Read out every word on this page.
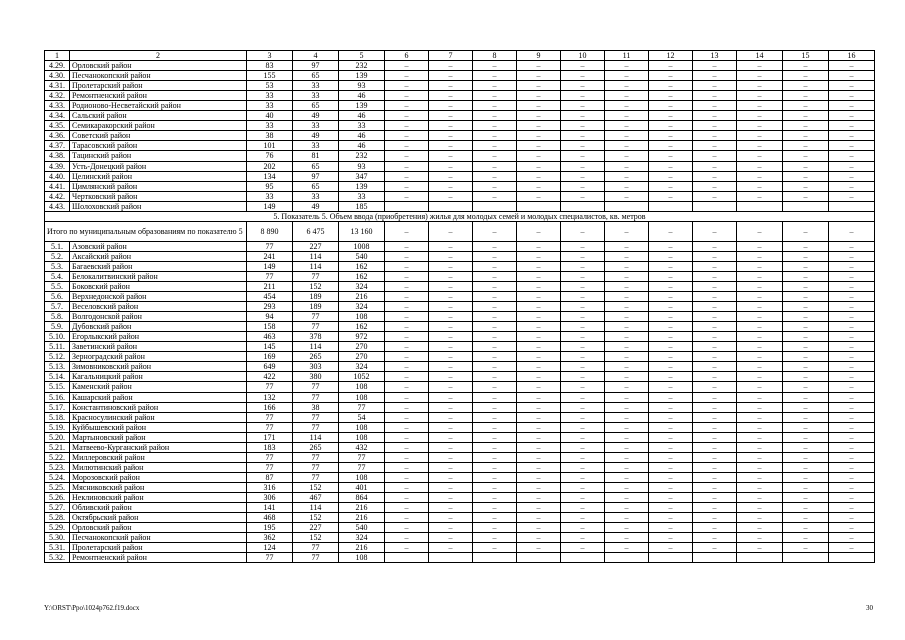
1	2	3	4	5	6	7	8	9	10	11	12	13	14	15	16
4.29.	Орловский район	83	97	232	–	–	–	–	–	–	–	–	–	–	–
4.30.	Песчанокопский район	155	65	139	–	–	–	–	–	–	–	–	–	–	–
4.31.	Пролетарский район	53	33	93	–	–	–	–	–	–	–	–	–	–	–
4.32.	Ремонтненский район	33	33	46	–	–	–	–	–	–	–	–	–	–	–
4.33.	Родионово-Несветайский район	33	65	139	–	–	–	–	–	–	–	–	–	–	–
4.34.	Сальский район	40	49	46	–	–	–	–	–	–	–	–	–	–	–
4.35.	Семикаракорский район	33	33	33	–	–	–	–	–	–	–	–	–	–	–
4.36.	Советский район	38	49	46	–	–	–	–	–	–	–	–	–	–	–
4.37.	Тарасовский район	101	33	46	–	–	–	–	–	–	–	–	–	–	–
4.38.	Тацинский район	76	81	232	–	–	–	–	–	–	–	–	–	–	–
4.39.	Усть-Донецкий район	202	65	93	–	–	–	–	–	–	–	–	–	–	–
4.40.	Целинский район	134	97	347	–	–	–	–	–	–	–	–	–	–	–
4.41.	Цимлянский район	95	65	139	–	–	–	–	–	–	–	–	–	–	–
4.42.	Чертковский район	33	33	33	–	–	–	–	–	–	–	–	–	–	–
4.43.	Шолоховский район	149	49	185											
5. Показатель 5. Объем ввода (приобретения) жилья для молодых семей и молодых специалистов, кв. метров															
Итого по муниципальным образованиям по показателю 5		8 890	6 475	13 160	–	–	–	–	–	–	–	–	–	–	–
5.1.	Азовский район	77	227	1008	–	–	–	–	–	–	–	–	–	–	–
5.2.	Аксайский район	241	114	540	–	–	–	–	–	–	–	–	–	–	–
5.3.	Багаевский район	149	114	162	–	–	–	–	–	–	–	–	–	–	–
5.4.	Белокалитвинский район	77	77	162	–	–	–	–	–	–	–	–	–	–	–
5.5.	Боковский район	211	152	324	–	–	–	–	–	–	–	–	–	–	–
5.6.	Верхнедонской район	454	189	216	–	–	–	–	–	–	–	–	–	–	–
5.7.	Веселовский район	293	189	324	–	–	–	–	–	–	–	–	–	–	–
5.8.	Волгодонской район	94	77	108	–	–	–	–	–	–	–	–	–	–	–
5.9.	Дубовский район	158	77	162	–	–	–	–	–	–	–	–	–	–	–
5.10.	Егорлыкский район	463	378	972	–	–	–	–	–	–	–	–	–	–	–
5.11.	Заветинский район	145	114	270	–	–	–	–	–	–	–	–	–	–	–
5.12.	Зерноградский район	169	265	270	–	–	–	–	–	–	–	–	–	–	–
5.13.	Зимовниковский район	649	303	324	–	–	–	–	–	–	–	–	–	–	–
5.14.	Кагальницкий район	422	380	1052	–	–	–	–	–	–	–	–	–	–	–
5.15.	Каменский район	77	77	108	–	–	–	–	–	–	–	–	–	–	–
5.16.	Кашарский район	132	77	108	–	–	–	–	–	–	–	–	–	–	–
5.17.	Константиновский район	166	38	77	–	–	–	–	–	–	–	–	–	–	–
5.18.	Красносулинский район	77	77	54	–	–	–	–	–	–	–	–	–	–	–
5.19.	Куйбышевский район	77	77	108	–	–	–	–	–	–	–	–	–	–	–
5.20.	Мартыновский район	171	114	108	–	–	–	–	–	–	–	–	–	–	–
5.21.	Матвеево-Курганский район	183	265	432	–	–	–	–	–	–	–	–	–	–	–
5.22.	Миллеровский район	77	77	77	–	–	–	–	–	–	–	–	–	–	–
5.23.	Милютинский район	77	77	77	–	–	–	–	–	–	–	–	–	–	–
5.24.	Морозовский район	87	77	108	–	–	–	–	–	–	–	–	–	–	–
5.25.	Мясниковский район	316	152	401	–	–	–	–	–	–	–	–	–	–	–
5.26.	Неклиновский район	306	467	864	–	–	–	–	–	–	–	–	–	–	–
5.27.	Обливский район	141	114	216	–	–	–	–	–	–	–	–	–	–	–
5.28.	Октябрьский район	468	152	216	–	–	–	–	–	–	–	–	–	–	–
5.29.	Орловский район	195	227	540	–	–	–	–	–	–	–	–	–	–	–
5.30.	Песчанокопский район	362	152	324	–	–	–	–	–	–	–	–	–	–	–
5.31.	Пролетарский район	124	77	216	–	–	–	–	–	–	–	–	–	–	–
5.32.	Ремонтненский район	77	77	108											
Y:\ORST\Ppo\1024p762.f19.docx	30
